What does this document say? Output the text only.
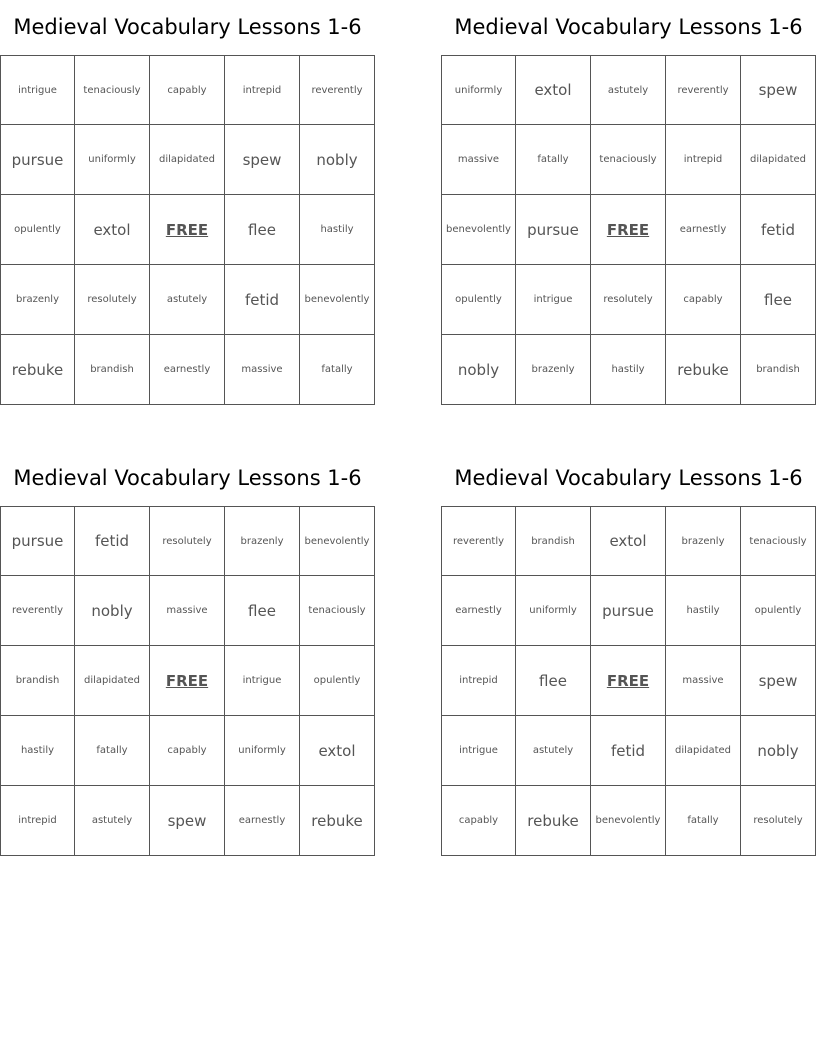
Medieval Vocabulary Lessons 1-6
intrigue	tenaciously	capably	intrepid	reverently
pursue	uniformly	dilapidated	spew	nobly
opulently	extol	FREE	flee	hastily
brazenly	resolutely	astutely	fetid	benevolently
rebuke	brandish	earnestly	massive	fatally
Medieval Vocabulary Lessons 1-6
uniformly	extol	astutely	reverently	spew
massive	fatally	tenaciously	intrepid	dilapidated
benevolently	pursue	FREE	earnestly	fetid
opulently	intrigue	resolutely	capably	flee
nobly	brazenly	hastily	rebuke	brandish
Medieval Vocabulary Lessons 1-6
pursue	fetid	resolutely	brazenly	benevolently
reverently	nobly	massive	flee	tenaciously
brandish	dilapidated	FREE	intrigue	opulently
hastily	fatally	capably	uniformly	extol
intrepid	astutely	spew	earnestly	rebuke
Medieval Vocabulary Lessons 1-6
reverently	brandish	extol	brazenly	tenaciously
earnestly	uniformly	pursue	hastily	opulently
intrepid	flee	FREE	massive	spew
intrigue	astutely	fetid	dilapidated	nobly
capably	rebuke	benevolently	fatally	resolutely
